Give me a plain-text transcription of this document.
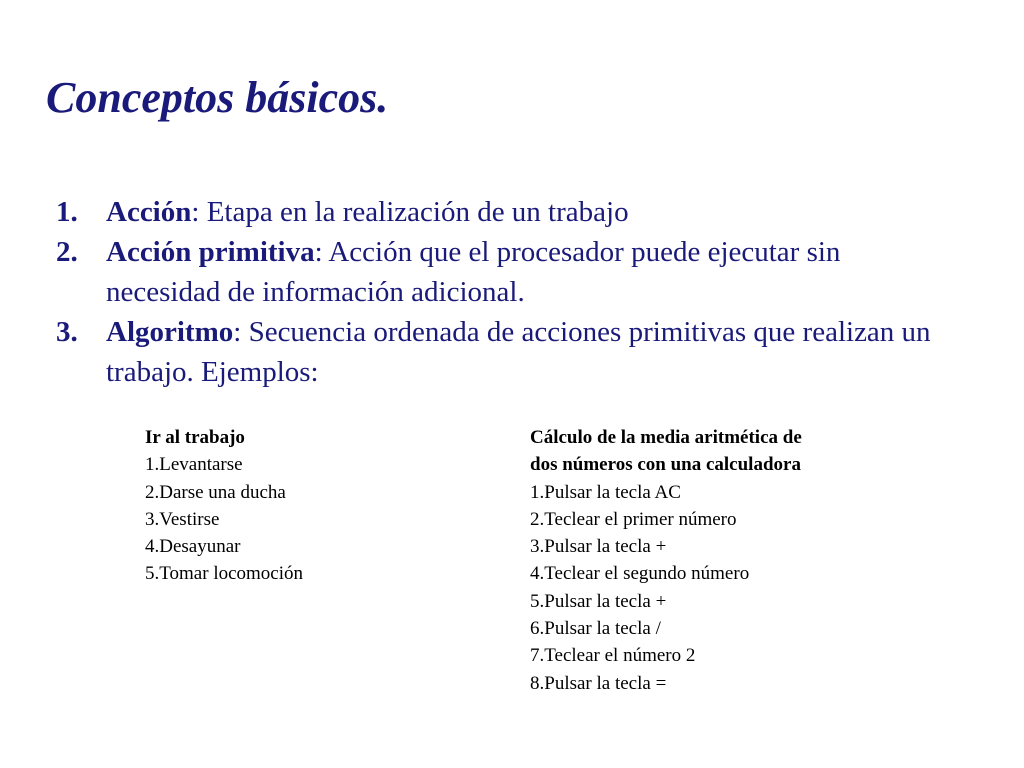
Conceptos básicos.
1. Acción: Etapa en la realización de un trabajo
2. Acción primitiva: Acción que el procesador puede ejecutar sin necesidad de información adicional.
3. Algoritmo: Secuencia ordenada de acciones primitivas que realizan un trabajo. Ejemplos:
Ir al trabajo
1.Levantarse
2.Darse una ducha
3.Vestirse
4.Desayunar
5.Tomar locomoción
Cálculo de la media aritmética de
dos números con una calculadora
1.Pulsar la tecla AC
2.Teclear el primer número
3.Pulsar la tecla +
4.Teclear el segundo número
5.Pulsar la tecla +
6.Pulsar la tecla /
7.Teclear el número 2
8.Pulsar la tecla =
